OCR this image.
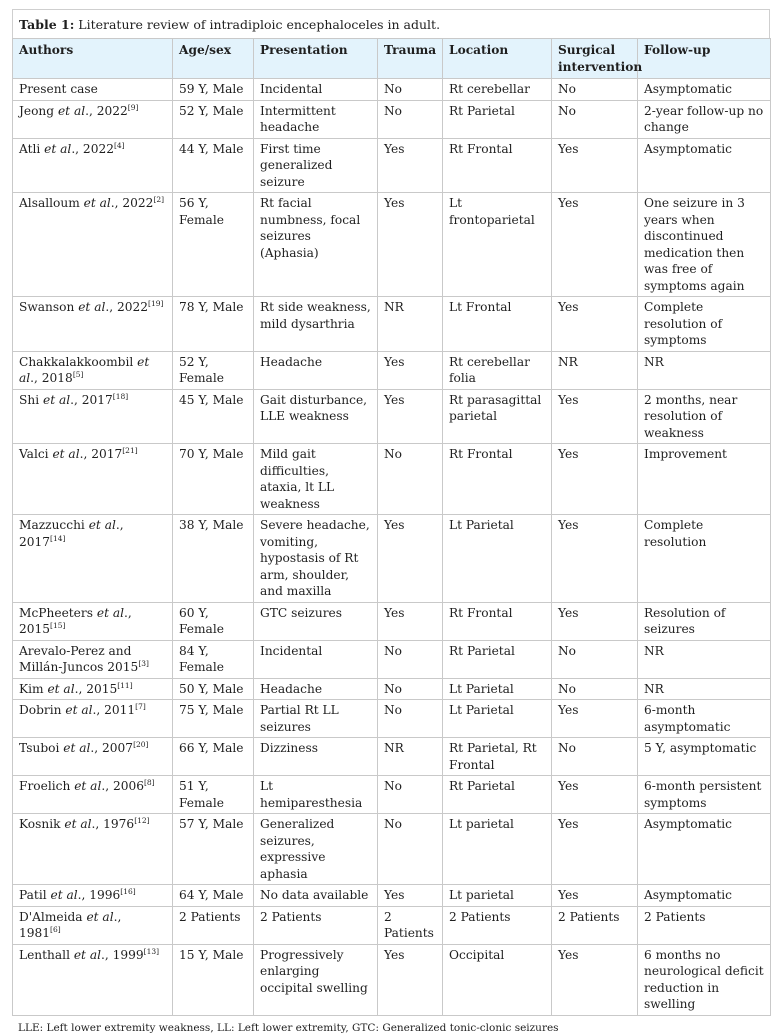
Table 1: Literature review of intradiploic encephaloceles in adult.
Authors	Age/sex	Presentation	Trauma	Location	Surgical intervention	Follow-up
Present case	59 Y, Male	Incidental	No	Rt cerebellar	No	Asymptomatic
Jeong et al., 2022[9]	52 Y, Male	Intermittent headache	No	Rt Parietal	No	2-year follow-up no change
Atli et al., 2022[4]	44 Y, Male	First time generalized seizure	Yes	Rt Frontal	Yes	Asymptomatic
Alsalloum et al., 2022[2]	56 Y, Female	Rt facial numbness, focal seizures (Aphasia)	Yes	Lt frontoparietal	Yes	One seizure in 3 years when discontinued medication then was free of symptoms again
Swanson et al., 2022[19]	78 Y, Male	Rt side weakness, mild dysarthria	NR	Lt Frontal	Yes	Complete resolution of symptoms
Chakkalakkoombil et al., 2018[5]	52 Y, Female	Headache	Yes	Rt cerebellar folia	NR	NR
Shi et al., 2017[18]	45 Y, Male	Gait disturbance, LLE weakness	Yes	Rt parasagittal parietal	Yes	2 months, near resolution of weakness
Valci et al., 2017[21]	70 Y, Male	Mild gait difficulties, ataxia, lt LL weakness	No	Rt Frontal	Yes	Improvement
Mazzucchi et al., 2017[14]	38 Y, Male	Severe headache, vomiting, hypostasis of Rt arm, shoulder, and maxilla	Yes	Lt Parietal	Yes	Complete resolution
McPheeters et al., 2015[15]	60 Y, Female	GTC seizures	Yes	Rt Frontal	Yes	Resolution of seizures
Arevalo-Perez and Millán-Juncos 2015[3]	84 Y, Female	Incidental	No	Rt Parietal	No	NR
Kim et al., 2015[11]	50 Y, Male	Headache	No	Lt Parietal	No	NR
Dobrin et al., 2011[7]	75 Y, Male	Partial Rt LL seizures	No	Lt Parietal	Yes	6-month asymptomatic
Tsuboi et al., 2007[20]	66 Y, Male	Dizziness	NR	Rt Parietal, Rt Frontal	No	5 Y, asymptomatic
Froelich et al., 2006[8]	51 Y, Female	Lt hemiparesthesia	No	Rt Parietal	Yes	6-month persistent symptoms
Kosnik et al., 1976[12]	57 Y, Male	Generalized seizures, expressive aphasia	No	Lt parietal	Yes	Asymptomatic
Patil et al., 1996[16]	64 Y, Male	No data available	Yes	Lt parietal	Yes	Asymptomatic
D'Almeida et al., 1981[6]	2 Patients	2 Patients	2 Patients	2 Patients	2 Patients	2 Patients
Lenthall et al., 1999[13]	15 Y, Male	Progressively enlarging occipital swelling	Yes	Occipital	Yes	6 months no neurological deficit reduction in swelling
LLE: Left lower extremity weakness, LL: Left lower extremity, GTC: Generalized tonic-clonic seizures
